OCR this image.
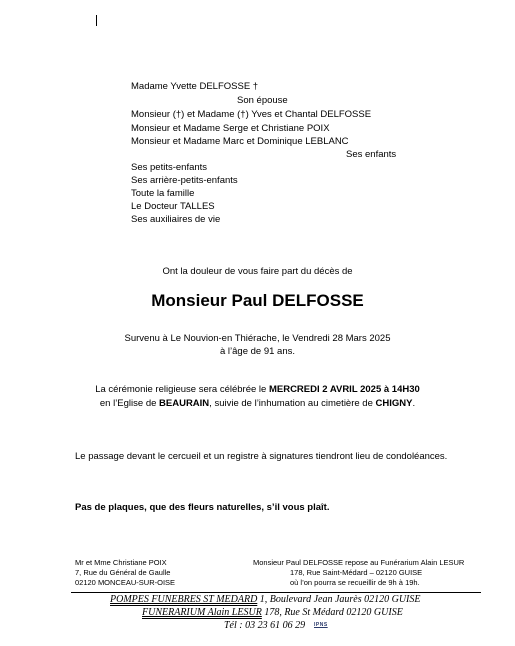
Madame Yvette DELFOSSE †
Son épouse
Monsieur (†) et Madame (†) Yves et Chantal DELFOSSE
Monsieur et Madame Serge et Christiane POIX
Monsieur et Madame Marc et Dominique LEBLANC
Ses enfants
Ses petits-enfants
Ses arrière-petits-enfants
Toute la famille
Le Docteur TALLES
Ses auxiliaires de vie
Ont la douleur de vous faire part du décès de
Monsieur Paul DELFOSSE
Survenu à Le Nouvion-en Thiérache, le Vendredi 28 Mars 2025
à l’âge de 91 ans.
La cérémonie religieuse sera célébrée le MERCREDI 2 AVRIL 2025 à 14H30
en l’Eglise de BEAURAIN, suivie de l’inhumation au cimetière de CHIGNY.
Le passage devant le cercueil et un registre à signatures tiendront lieu de condoléances.
Pas de plaques, que des fleurs naturelles, s’il vous plaît.
Mr et Mme Christiane POIX
7, Rue du Général de Gaulle
02120 MONCEAU-SUR-OISE
Monsieur Paul DELFOSSE repose au Funérarium Alain LESUR
178, Rue Saint-Médard – 02120 GUISE
où l’on pourra se recueillir de 9h à 19h.
POMPES FUNEBRES ST MEDARD 1, Boulevard Jean Jaurès 02120 GUISE
FUNERARIUM Alain LESUR 178, Rue St Médard 02120 GUISE
Tél : 03 23 61 06 29 IPNS
